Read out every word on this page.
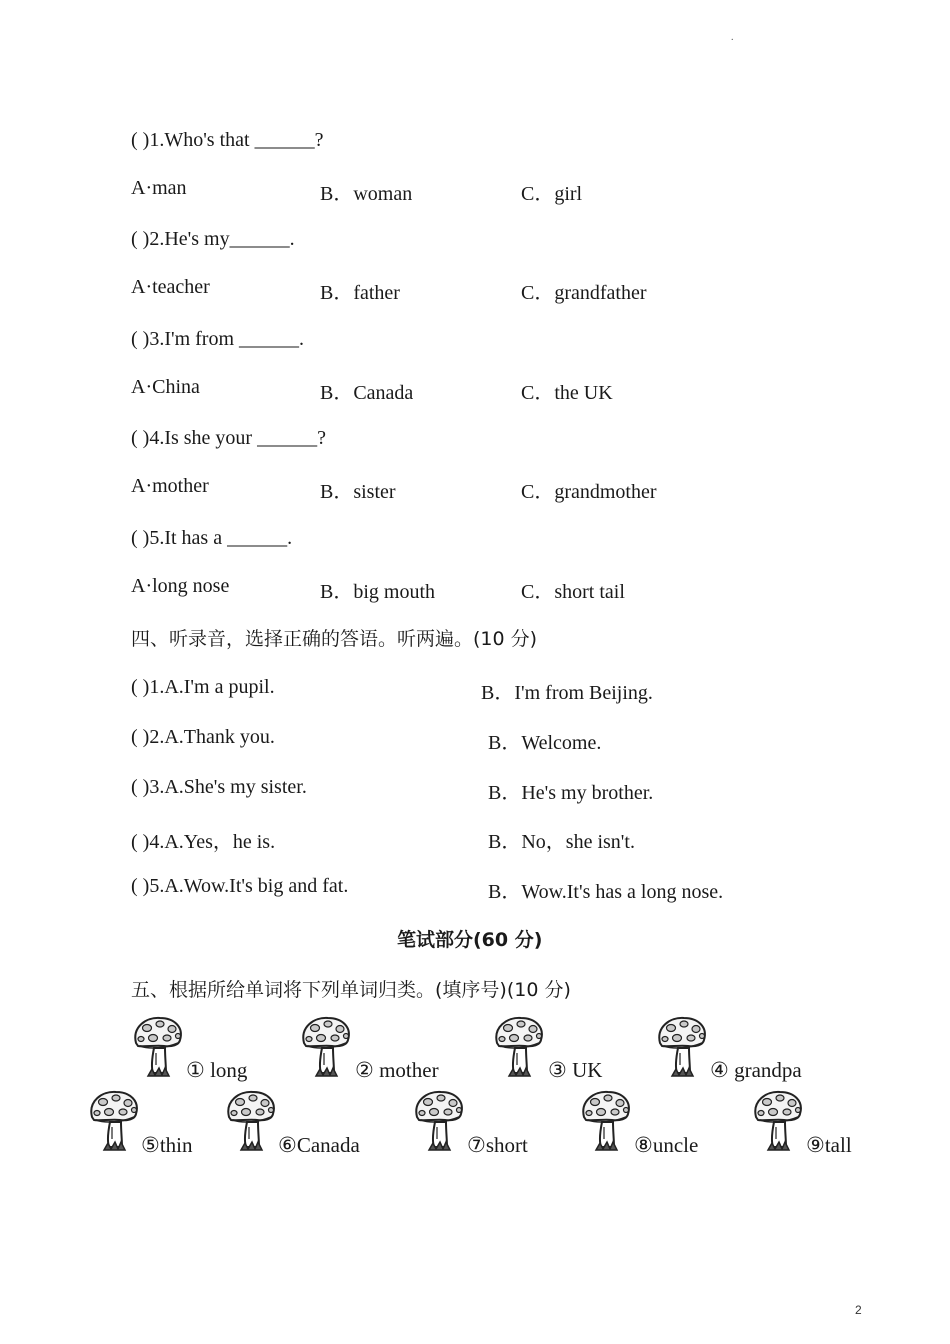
.
( )1.Who's that ______?
A·man	B．woman	C．girl
( )2.He's my______.
A·teacher	B．father	C．grandfather
( )3.I'm from ______.
A·China	B．Canada	C．the UK
( )4.Is she your ______?
A·mother	B．sister	C．grandmother
( )5.It has a ______.
A·long nose	B．big mouth	C．short tail
四、听录音，选择正确的答语。听两遍。(10 分)
( )1.A.I'm a pupil.	B．I'm from Beijing.
( )2.A.Thank you.	B．Welcome.
( )3.A.She's my sister.	B．He's my brother.
( )4.A.Yes，he is.	B．No，she isn't.
( )5.A.Wow.It's big and fat.	B．Wow.It's has a long nose.
笔试部分(60 分)
五、根据所给单词将下列单词归类。(填序号)(10 分)
① long	② mother	③ UK	④ grandpa
⑤thin	⑥Canada	⑦short	⑧uncle	⑨tall
2
